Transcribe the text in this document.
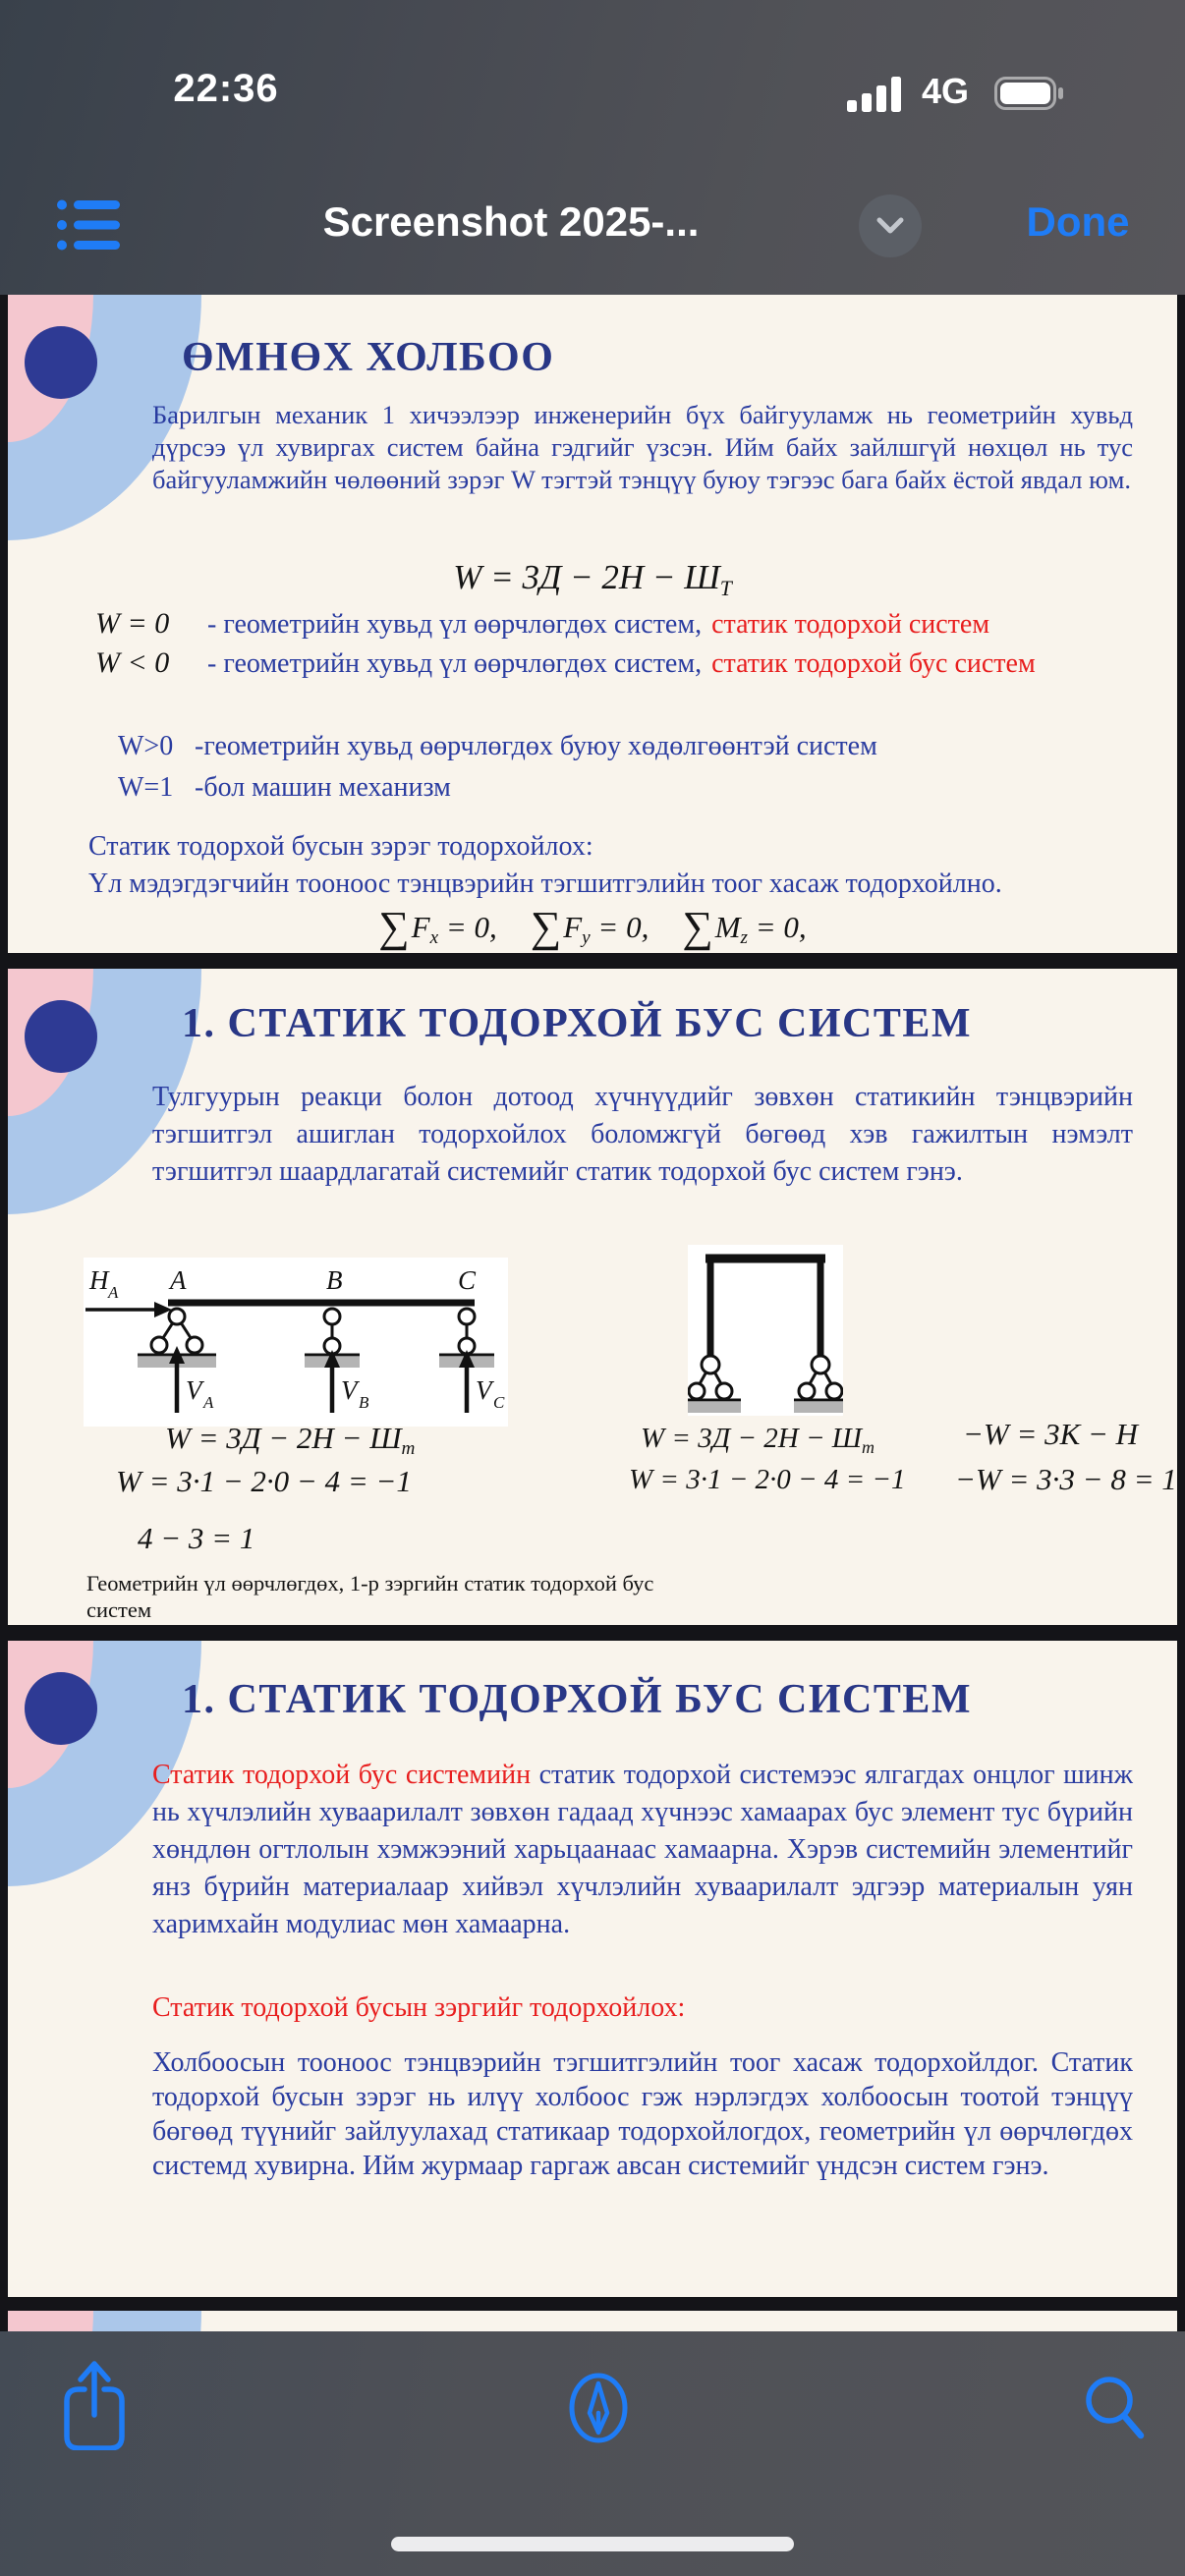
22:36	4G
Screenshot 2025-...	Done
ӨМНӨХ ХОЛБОО

Барилгын механик 1 хичээлээр инженерийн бүх байгууламж нь геометрийн хувьд дүрсээ үл хувиргах систем байна гэдгийг үзсэн. Ийм байх зайлшгүй нөхцөл нь тус байгууламжийн чөлөөний зэрэг W тэгтэй тэнцүү буюу тэгээс бага байх ёстой явдал юм.

W = 3Д − 2Н − ШТ
W = 0	- геометрийн хувьд үл өөрчлөгдөх систем, статик тодорхой систем
W < 0	- геометрийн хувьд үл өөрчлөгдөх систем, статик тодорхой бус систем
W>0 -геометрийн хувьд өөрчлөгдөх буюу хөдөлгөөнтэй систем
W=1 -бол машин механизм
Статик тодорхой бусын зэрэг тодорхойлох:
Үл мэдэгдэгчийн тооноос тэнцвэрийн тэгшитгэлийн тоог хасаж тодорхойлно.
∑ F x
= 0, ∑ F y
= 0, ∑ M z
= 0,
1. СТАТИК ТОДОРХОЙ БУС СИСТЕМ

Тулгуурын реакци болон дотоод хүчнүүдийг зөвхөн статикийн тэнцвэрийн тэгшитгэл ашиглан тодорхойлох боломжгүй бөгөөд хэв гажилтын нэмэлт тэгшитгэл шаардлагатай системийг статик тодорхой бус систем гэнэ.

H A A	B	C
V A	V B	V C
W = 3Д − 2Н − Шт
W = 3·1 − 2·0 − 4 = −1
4 − 3 = 1
W = 3Д − 2Н − Шт
W = 3·1 − 2·0 − 4 = −1
−W = 3К − Н
−W = 3·3 − 8 = 1
Геометрийн үл өөрчлөгдөх, 1-р зэргийн статик тодорхой бус систем
1. СТАТИК ТОДОРХОЙ БУС СИСТЕМ

Статик тодорхой бус системийн статик тодорхой системээс ялгагдах онцлог шинж нь хүчлэлийн хуваарилалт зөвхөн гадаад хүчнээс хамаарах бус элемент тус бүрийн хөндлөн огтлолын хэмжээний харьцаанаас хамаарна. Хэрэв системийн элементийг янз бүрийн материалаар хийвэл хүчлэлийн хуваарилалт эдгээр материалын уян харимхайн модулиас мөн хамаарна.

Статик тодорхой бусын зэргийг тодорхойлох:

Холбоосын тооноос тэнцвэрийн тэгшитгэлийн тоог хасаж тодорхойлдог. Статик тодорхой бусын зэрэг нь илүү холбоос гэж нэрлэгдэх холбоосын тоотой тэнцүү бөгөөд түүнийг зайлуулахад статикаар тодорхойлогдох, геометрийн үл өөрчлөгдөх системд хувирна. Ийм журмаар гаргаж авсан системийг үндсэн систем гэнэ.
